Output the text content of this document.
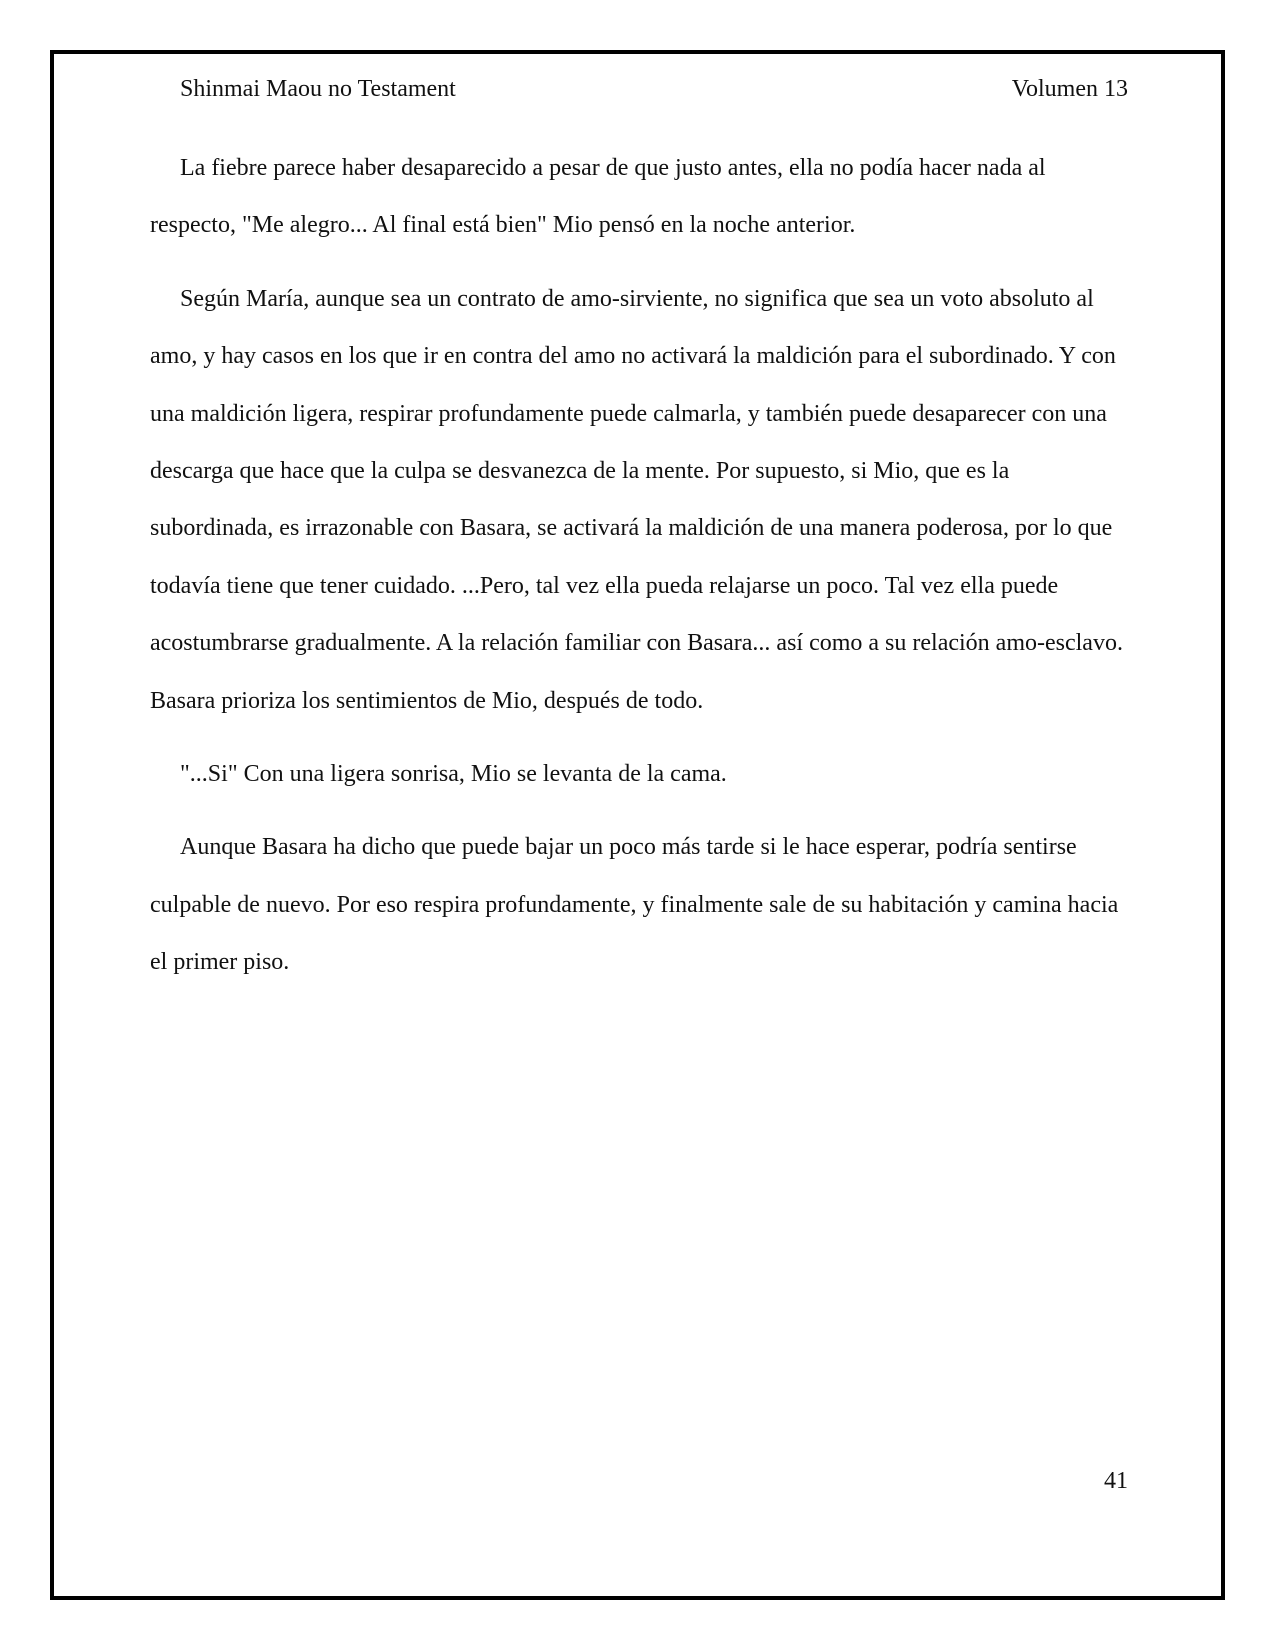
Shinmai Maou no Testament	Volumen 13

La fiebre parece haber desaparecido a pesar de que justo antes, ella no podía hacer nada al respecto, "Me alegro... Al final está bien" Mio pensó en la noche anterior.

Según María, aunque sea un contrato de amo-sirviente, no significa que sea un voto absoluto al amo, y hay casos en los que ir en contra del amo no activará la maldición para el subordinado. Y con una maldición ligera, respirar profundamente puede calmarla, y también puede desaparecer con una descarga que hace que la culpa se desvanezca de la mente. Por supuesto, si Mio, que es la subordinada, es irrazonable con Basara, se activará la maldición de una manera poderosa, por lo que todavía tiene que tener cuidado. ...Pero, tal vez ella pueda relajarse un poco. Tal vez ella puede acostumbrarse gradualmente. A la relación familiar con Basara... así como a su relación amo-esclavo. Basara prioriza los sentimientos de Mio, después de todo.

"...Si" Con una ligera sonrisa, Mio se levanta de la cama.

Aunque Basara ha dicho que puede bajar un poco más tarde si le hace esperar, podría sentirse culpable de nuevo. Por eso respira profundamente, y finalmente sale de su habitación y camina hacia el primer piso.

41
